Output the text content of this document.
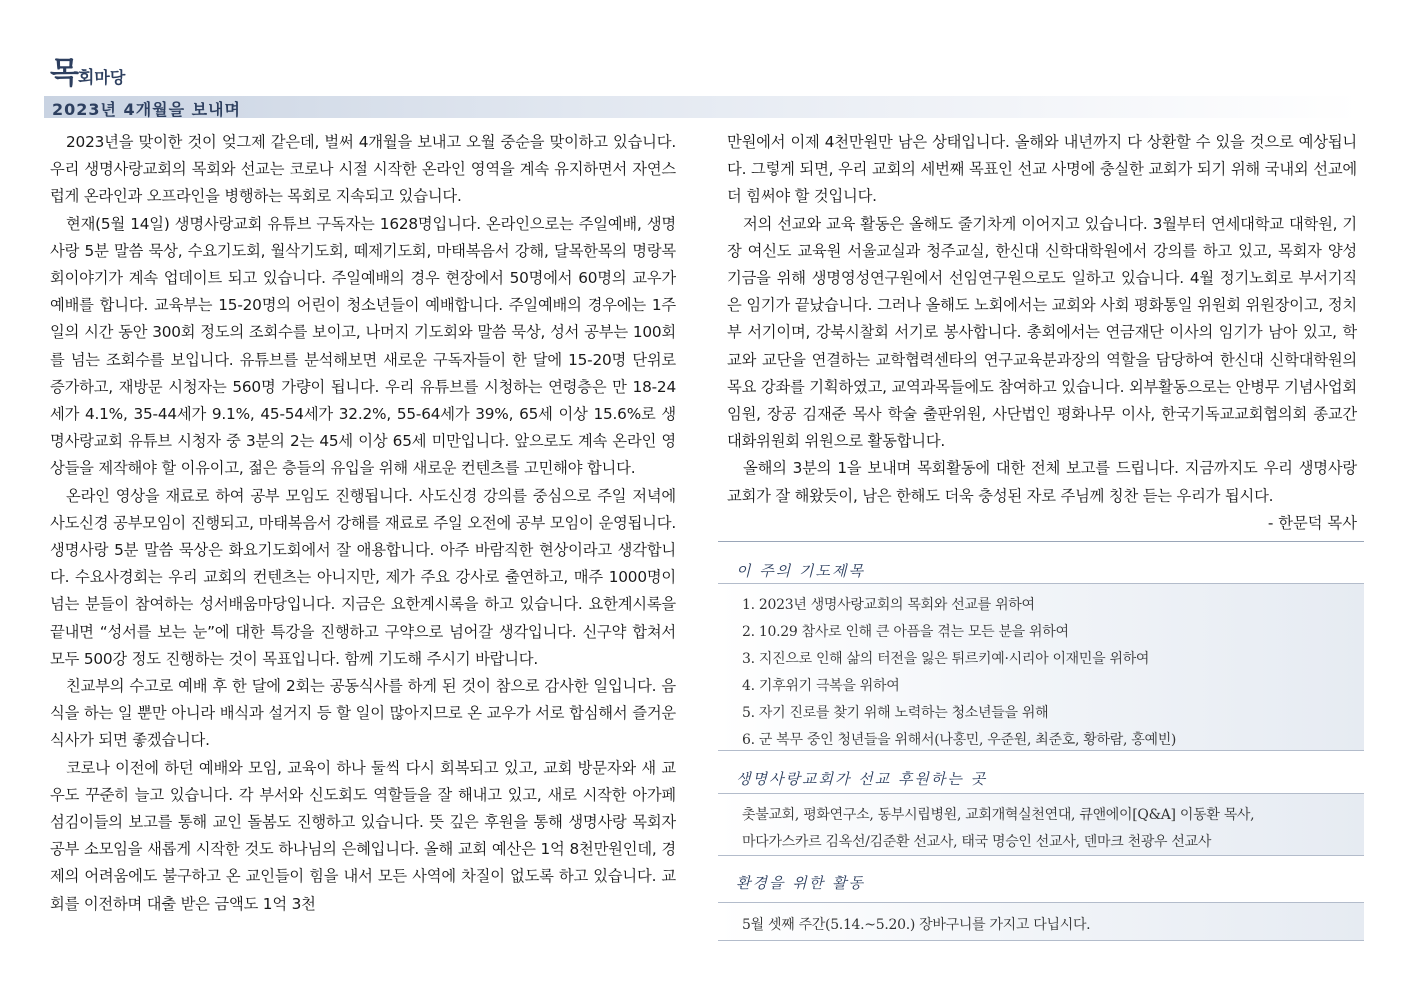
목회마당
2023년 4개월을 보내며

2023년을 맞이한 것이 엊그제 같은데, 벌써 4개월을 보내고 오월 중순을 맞이하고 있습니다. 우리 생명사랑교회의 목회와 선교는 코로나 시절 시작한 온라인 영역을 계속 유지하면서 자연스럽게 온라인과 오프라인을 병행하는 목회로 지속되고 있습니다.

현재(5월 14일) 생명사랑교회 유튜브 구독자는 1628명입니다. 온라인으로는 주일예배, 생명사랑 5분 말씀 묵상, 수요기도회, 월삭기도회, 떼제기도회, 마태복음서 강해, 달목한목의 명랑목회이야기가 계속 업데이트 되고 있습니다. 주일예배의 경우 현장에서 50명에서 60명의 교우가 예배를 합니다. 교육부는 15-20명의 어린이 청소년들이 예배합니다. 주일예배의 경우에는 1주일의 시간 동안 300회 정도의 조회수를 보이고, 나머지 기도회와 말씀 묵상, 성서 공부는 100회를 넘는 조회수를 보입니다. 유튜브를 분석해보면 새로운 구독자들이 한 달에 15-20명 단위로 증가하고, 재방문 시청자는 560명 가량이 됩니다. 우리 유튜브를 시청하는 연령층은 만 18-24세가 4.1%, 35-44세가 9.1%, 45-54세가 32.2%, 55-64세가 39%, 65세 이상 15.6%로 생명사랑교회 유튜브 시청자 중 3분의 2는 45세 이상 65세 미만입니다. 앞으로도 계속 온라인 영상들을 제작해야 할 이유이고, 젊은 층들의 유입을 위해 새로운 컨텐츠를 고민해야 합니다.

온라인 영상을 재료로 하여 공부 모임도 진행됩니다. 사도신경 강의를 중심으로 주일 저녁에 사도신경 공부모임이 진행되고, 마태복음서 강해를 재료로 주일 오전에 공부 모임이 운영됩니다. 생명사랑 5분 말씀 묵상은 화요기도회에서 잘 애용합니다. 아주 바람직한 현상이라고 생각합니다. 수요사경회는 우리 교회의 컨텐츠는 아니지만, 제가 주요 강사로 출연하고, 매주 1000명이 넘는 분들이 참여하는 성서배움마당입니다. 지금은 요한계시록을 하고 있습니다. 요한계시록을 끝내면 “성서를 보는 눈”에 대한 특강을 진행하고 구약으로 넘어갈 생각입니다. 신구약 합쳐서 모두 500강 정도 진행하는 것이 목표입니다. 함께 기도해 주시기 바랍니다.

친교부의 수고로 예배 후 한 달에 2회는 공동식사를 하게 된 것이 참으로 감사한 일입니다. 음식을 하는 일 뿐만 아니라 배식과 설거지 등 할 일이 많아지므로 온 교우가 서로 합심해서 즐거운 식사가 되면 좋겠습니다.

코로나 이전에 하던 예배와 모임, 교육이 하나 둘씩 다시 회복되고 있고, 교회 방문자와 새 교우도 꾸준히 늘고 있습니다. 각 부서와 신도회도 역할들을 잘 해내고 있고, 새로 시작한 아가페 섬김이들의 보고를 통해 교인 돌봄도 진행하고 있습니다. 뜻 깊은 후원을 통해 생명사랑 목회자 공부 소모임을 새롭게 시작한 것도 하나님의 은혜입니다. 올해 교회 예산은 1억 8천만원인데, 경제의 어려움에도 불구하고 온 교인들이 힘을 내서 모든 사역에 차질이 없도록 하고 있습니다. 교회를 이전하며 대출 받은 금액도 1억 3천

만원에서 이제 4천만원만 남은 상태입니다. 올해와 내년까지 다 상환할 수 있을 것으로 예상됩니다. 그렇게 되면, 우리 교회의 세번째 목표인 선교 사명에 충실한 교회가 되기 위해 국내외 선교에 더 힘써야 할 것입니다.

저의 선교와 교육 활동은 올해도 줄기차게 이어지고 있습니다. 3월부터 연세대학교 대학원, 기장 여신도 교육원 서울교실과 청주교실, 한신대 신학대학원에서 강의를 하고 있고, 목회자 양성 기금을 위해 생명영성연구원에서 선임연구원으로도 일하고 있습니다. 4월 정기노회로 부서기직은 임기가 끝났습니다. 그러나 올해도 노회에서는 교회와 사회 평화통일 위원회 위원장이고, 정치부 서기이며, 강북시찰회 서기로 봉사합니다. 총회에서는 연금재단 이사의 임기가 남아 있고, 학교와 교단을 연결하는 교학협력센타의 연구교육분과장의 역할을 담당하여 한신대 신학대학원의 목요 강좌를 기획하였고, 교역과목들에도 참여하고 있습니다. 외부활동으로는 안병무 기념사업회 임원, 장공 김재준 목사 학술 출판위원, 사단법인 평화나무 이사, 한국기독교교회협의회 종교간 대화위원회 위원으로 활동합니다.

올해의 3분의 1을 보내며 목회활동에 대한 전체 보고를 드립니다. 지금까지도 우리 생명사랑교회가 잘 해왔듯이, 남은 한해도 더욱 충성된 자로 주님께 칭찬 듣는 우리가 됩시다.

- 한문덕 목사

이 주의 기도제목

1. 2023년 생명사랑교회의 목회와 선교를 위하여

2. 10.29 참사로 인해 큰 아픔을 겪는 모든 분을 위하여

3. 지진으로 인해 삶의 터전을 잃은 튀르키예·시리아 이재민을 위하여

4. 기후위기 극복을 위하여

5. 자기 진로를 찾기 위해 노력하는 청소년들을 위해

6. 군 복무 중인 청년들을 위해서(나홍민, 우준원, 최준호, 황하람, 홍예빈)

생명사랑교회가 선교 후원하는 곳

촛불교회, 평화연구소, 동부시립병원, 교회개혁실천연대, 큐앤에이[Q&A] 이동환 목사,

마다가스카르 김옥선/김준환 선교사, 태국 명승인 선교사, 덴마크 천광우 선교사

환경을 위한 활동

5월 셋째 주간(5.14.~5.20.) 장바구니를 가지고 다닙시다.
